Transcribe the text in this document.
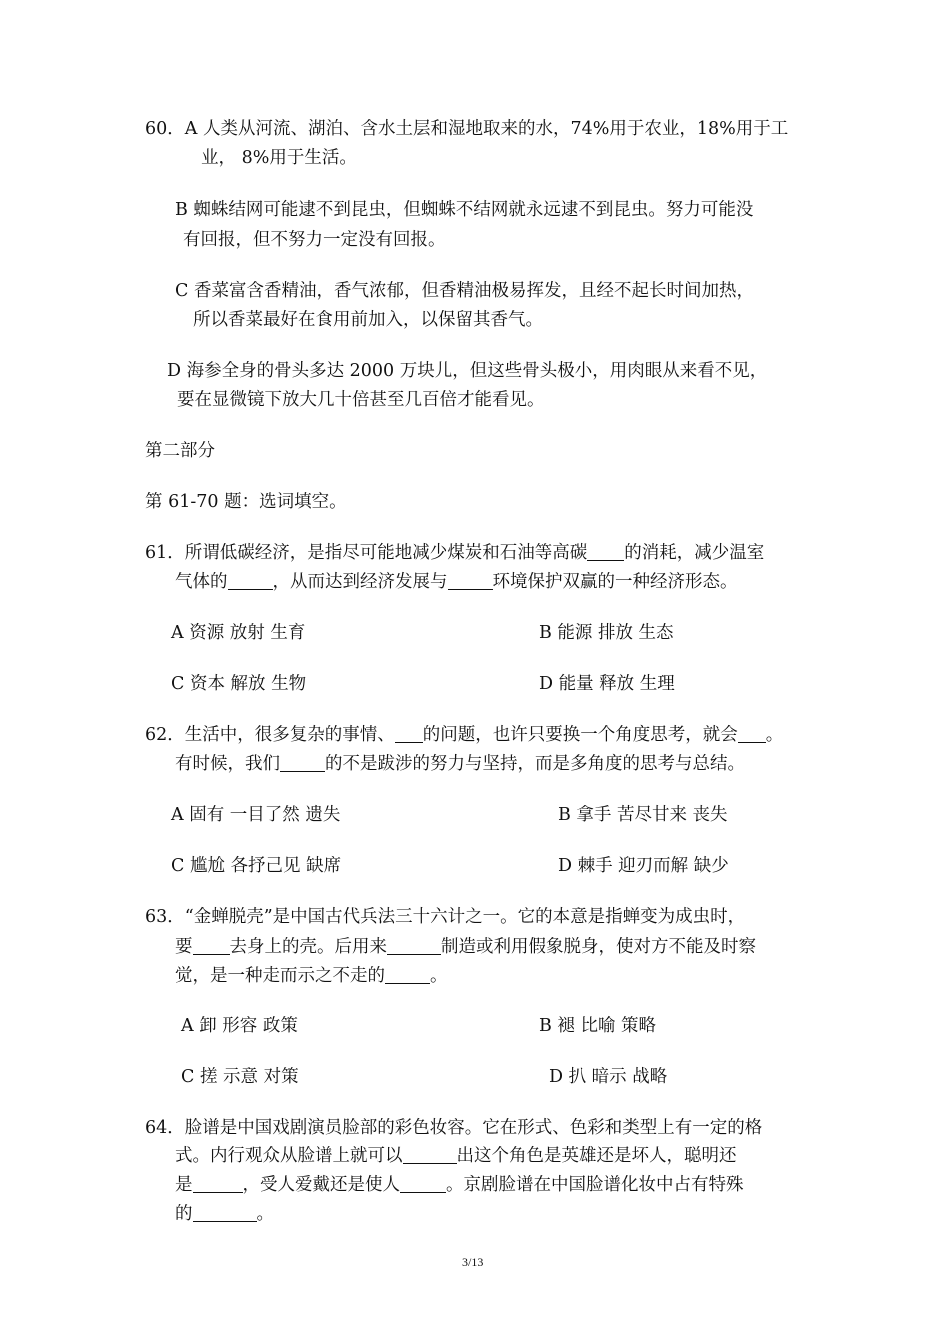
60．A 人类从河流、湖泊、含水土层和湿地取来的水，74%用于农业，18%用于工
业， 8%用于生活。
B 蜘蛛结网可能逮不到昆虫，但蜘蛛不结网就永远逮不到昆虫。努力可能没
有回报，但不努力一定没有回报。
C 香菜富含香精油，香气浓郁，但香精油极易挥发，且经不起长时间加热，
所以香菜最好在食用前加入，以保留其香气。
D 海参全身的骨头多达 2000 万块儿，但这些骨头极小，用肉眼从来看不见，
要在显微镜下放大几十倍甚至几百倍才能看见。
第二部分
第 61-70 题：选词填空。
61．所谓低碳经济，是指尽可能地减少煤炭和石油等高碳 的消耗，减少温室
气体的	，从而达到经济发展与	环境保护双赢的一种经济形态。
A 资源 放射 生育	B 能源 排放 生态
C 资本 解放 生物	D 能量 释放 生理
62．生活中，很多复杂的事情、 的问题，也许只要换一个角度思考，就会 。
有时候，我们	的不是跋涉的努力与坚持，而是多角度的思考与总结。
A 固有 一目了然 遗失	B 拿手 苦尽甘来 丧失
C 尴尬 各抒己见 缺席	D 棘手 迎刃而解 缺少
63．“金蝉脱壳”是中国古代兵法三十六计之一。它的本意是指蝉变为成虫时，
要 去身上的壳。后用来	制造或利用假象脱身，使对方不能及时察
觉，是一种走而示之不走的	。
A 卸 形容 政策	B 褪 比喻 策略
C 搓 示意 对策	D 扒 暗示 战略
64．脸谱是中国戏剧演员脸部的彩色妆容。它在形式、色彩和类型上有一定的格
式。内行观众从脸谱上就可以	出这个角色是英雄还是坏人，聪明还
是	，受人爱戴还是使人	。京剧脸谱在中国脸谱化妆中占有特殊
的	。
3/13
